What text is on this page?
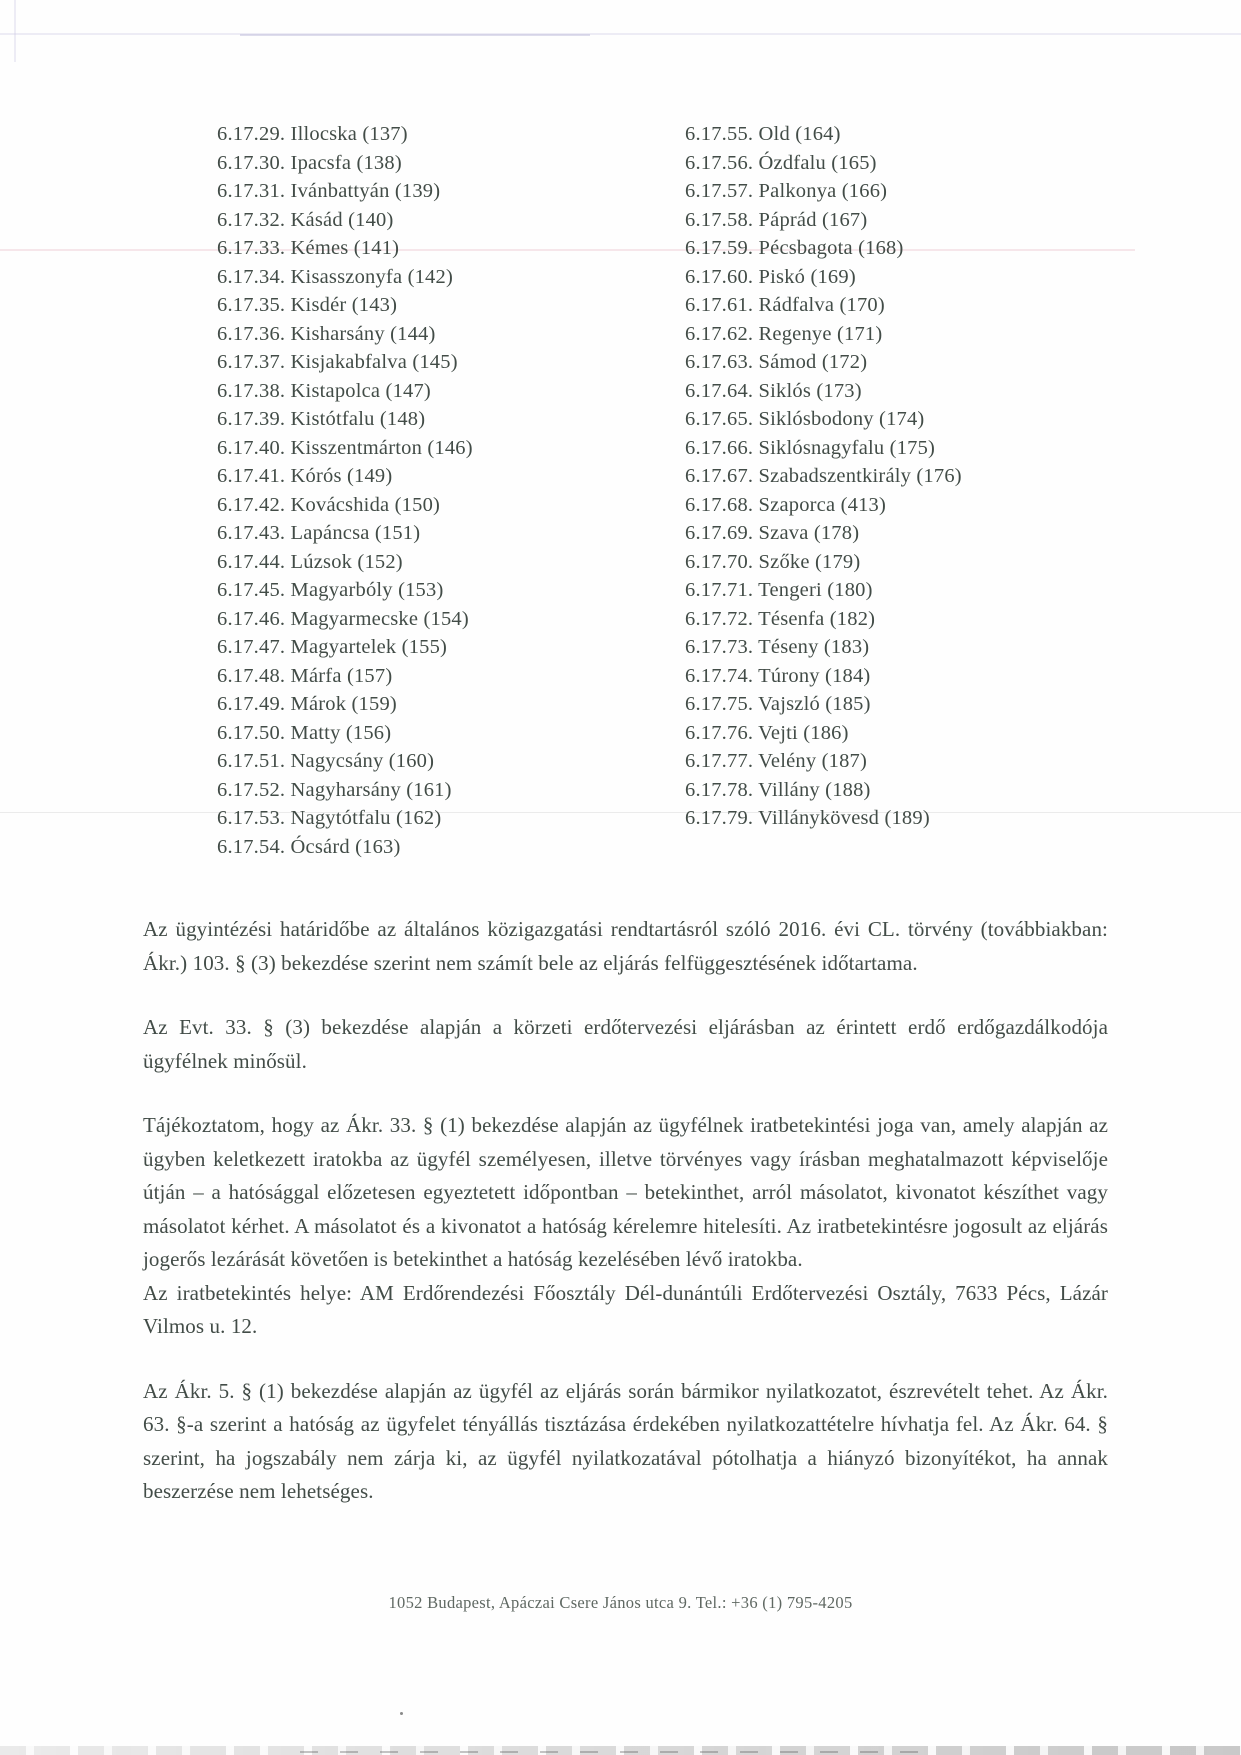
6.17.29. Illocska (137)
6.17.30. Ipacsfa (138)
6.17.31. Ivánbattyán (139)
6.17.32. Kásád (140)
6.17.33. Kémes (141)
6.17.34. Kisasszonyfa (142)
6.17.35. Kisdér (143)
6.17.36. Kisharsány (144)
6.17.37. Kisjakabfalva (145)
6.17.38. Kistapolca (147)
6.17.39. Kistótfalu (148)
6.17.40. Kisszentmárton (146)
6.17.41. Kórós (149)
6.17.42. Kovácshida (150)
6.17.43. Lapáncsa (151)
6.17.44. Lúzsok (152)
6.17.45. Magyarbóly (153)
6.17.46. Magyarmecske (154)
6.17.47. Magyartelek (155)
6.17.48. Márfa (157)
6.17.49. Márok (159)
6.17.50. Matty (156)
6.17.51. Nagycsány (160)
6.17.52. Nagyharsány (161)
6.17.53. Nagytótfalu (162)
6.17.54. Ócsárd (163)
6.17.55. Old (164)
6.17.56. Ózdfalu (165)
6.17.57. Palkonya (166)
6.17.58. Páprád (167)
6.17.59. Pécsbagota (168)
6.17.60. Piskó (169)
6.17.61. Rádfalva (170)
6.17.62. Regenye (171)
6.17.63. Sámod (172)
6.17.64. Siklós (173)
6.17.65. Siklósbodony (174)
6.17.66. Siklósnagyfalu (175)
6.17.67. Szabadszentkirály (176)
6.17.68. Szaporca (413)
6.17.69. Szava (178)
6.17.70. Szőke (179)
6.17.71. Tengeri (180)
6.17.72. Tésenfa (182)
6.17.73. Téseny (183)
6.17.74. Túrony (184)
6.17.75. Vajszló (185)
6.17.76. Vejti (186)
6.17.77. Velény (187)
6.17.78. Villány (188)
6.17.79. Villánykövesd (189)

Az ügyintézési határidőbe az általános közigazgatási rendtartásról szóló 2016. évi CL. törvény (továbbiakban: Ákr.) 103. § (3) bekezdése szerint nem számít bele az eljárás felfüggesztésének időtartama.

Az Evt. 33. § (3) bekezdése alapján a körzeti erdőtervezési eljárásban az érintett erdő erdőgazdálkodója ügyfélnek minősül.

Tájékoztatom, hogy az Ákr. 33. § (1) bekezdése alapján az ügyfélnek iratbetekintési joga van, amely alapján az ügyben keletkezett iratokba az ügyfél személyesen, illetve törvényes vagy írásban meghatalmazott képviselője útján – a hatósággal előzetesen egyeztetett időpontban – betekinthet, arról másolatot, kivonatot készíthet vagy másolatot kérhet. A másolatot és a kivonatot a hatóság kérelemre hitelesíti. Az iratbetekintésre jogosult az eljárás jogerős lezárását követően is betekinthet a hatóság kezelésében lévő iratokba.

Az iratbetekintés helye: AM Erdőrendezési Főosztály Dél-dunántúli Erdőtervezési Osztály, 7633 Pécs, Lázár Vilmos u. 12.

Az Ákr. 5. § (1) bekezdése alapján az ügyfél az eljárás során bármikor nyilatkozatot, észrevételt tehet. Az Ákr. 63. §-a szerint a hatóság az ügyfelet tényállás tisztázása érdekében nyilatkozattételre hívhatja fel. Az Ákr. 64. § szerint, ha jogszabály nem zárja ki, az ügyfél nyilatkozatával pótolhatja a hiányzó bizonyítékot, ha annak beszerzése nem lehetséges.

1052 Budapest, Apáczai Csere János utca 9. Tel.: +36 (1) 795-4205
